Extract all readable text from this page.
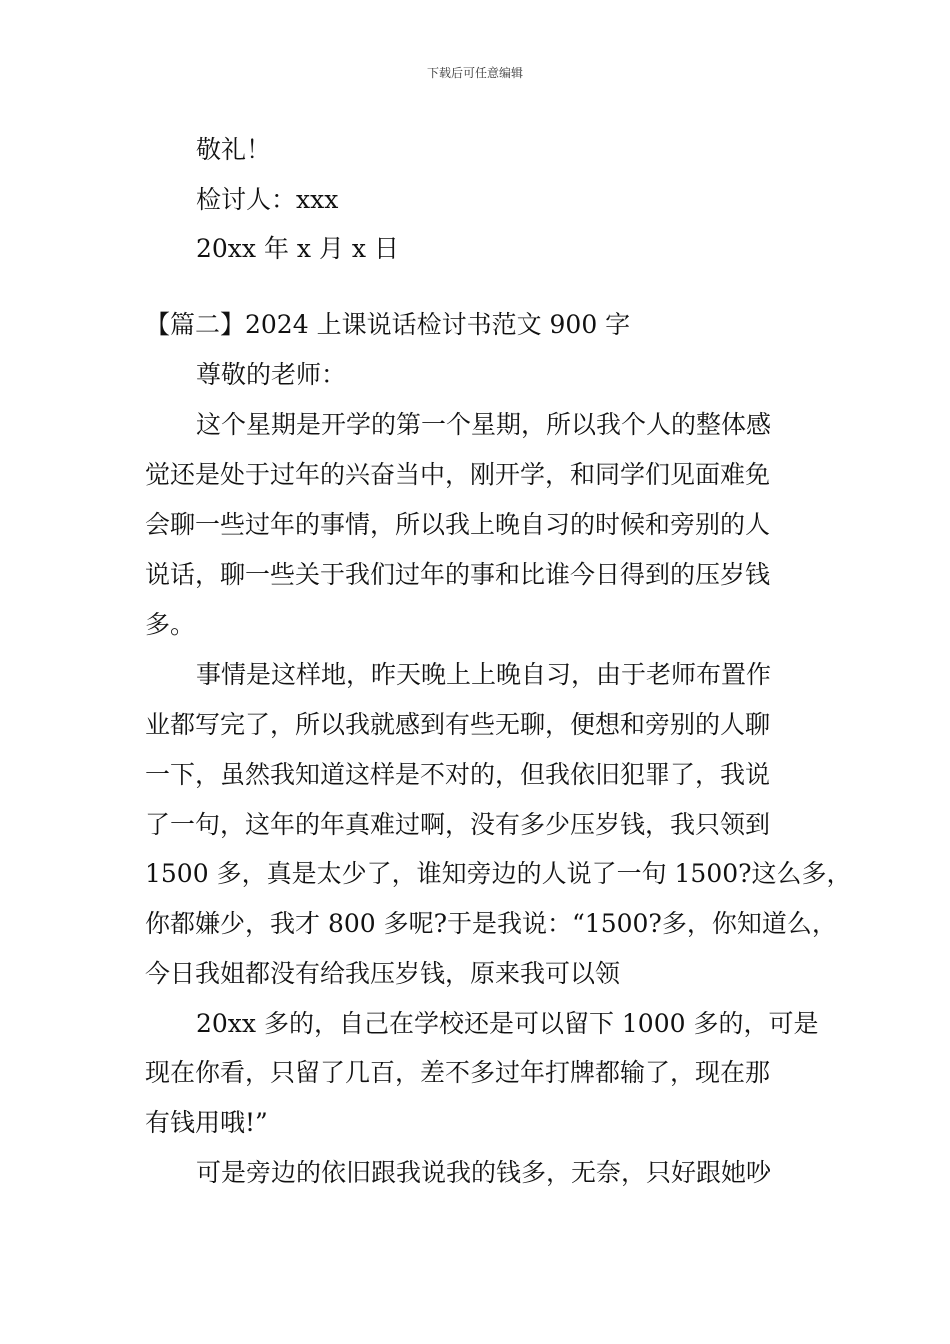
下载后可任意编辑
敬礼！
检讨人：xxx
20xx 年 x 月 x 日
【篇二】2024 上课说话检讨书范文 900 字
尊敬的老师：
这个星期是开学的第一个星期，所以我个人的整体感
觉还是处于过年的兴奋当中，刚开学，和同学们见面难免
会聊一些过年的事情，所以我上晚自习的时候和旁别的人
说话，聊一些关于我们过年的事和比谁今日得到的压岁钱
多。
事情是这样地，昨天晚上上晚自习，由于老师布置作
业都写完了，所以我就感到有些无聊，便想和旁别的人聊
一下，虽然我知道这样是不对的，但我依旧犯罪了，我说
了一句，这年的年真难过啊，没有多少压岁钱，我只领到
1500 多，真是太少了，谁知旁边的人说了一句 1500?这么多，
你都嫌少，我才 800 多呢?于是我说：“1500?多，你知道么，
今日我姐都没有给我压岁钱，原来我可以领
20xx 多的，自己在学校还是可以留下 1000 多的，可是
现在你看，只留了几百，差不多过年打牌都输了，现在那
有钱用哦!”
可是旁边的依旧跟我说我的钱多，无奈，只好跟她吵
